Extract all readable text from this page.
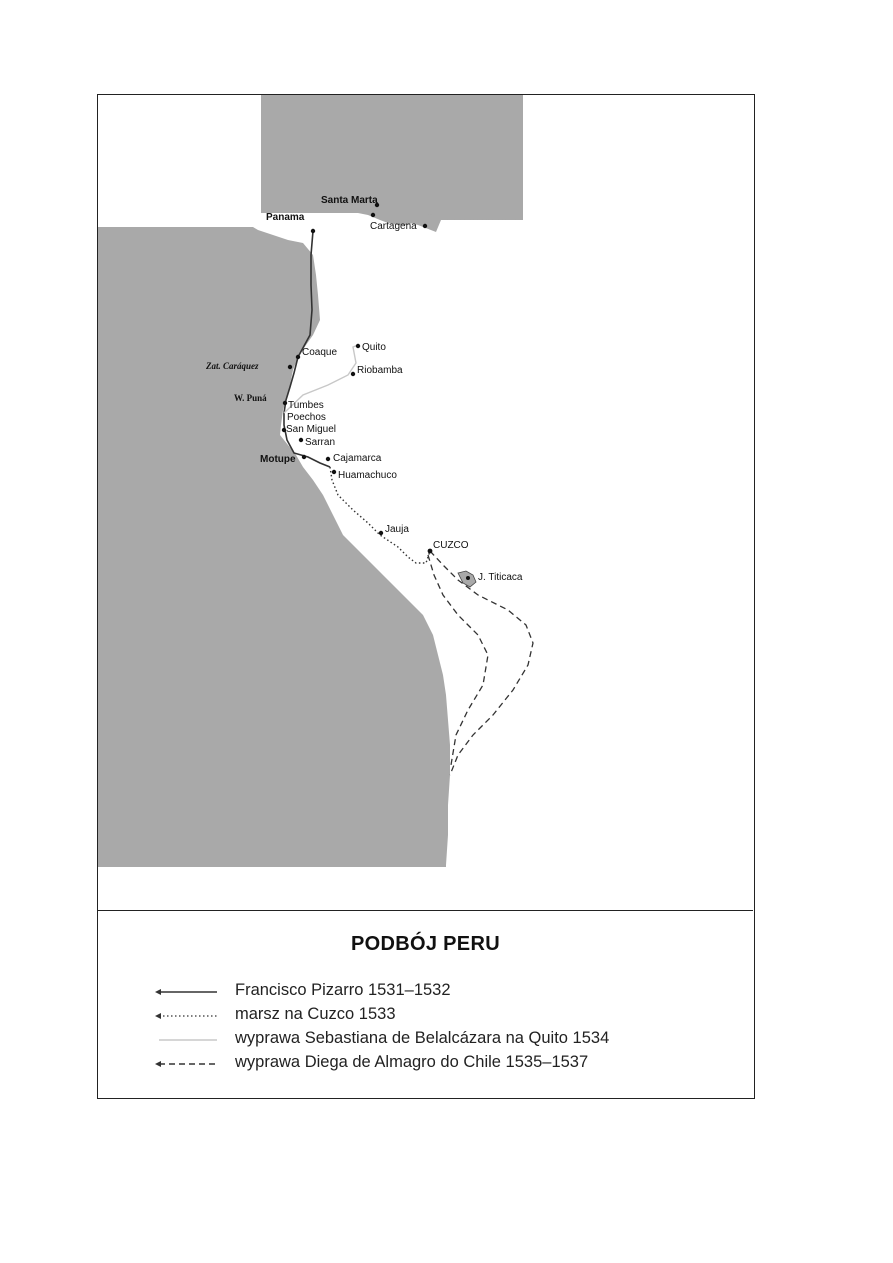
Santa Marta
Cartagena
Panama
Quito
Coaque
Zat. Caráquez	Riobamba
W. Puná
Tumbes
Poechos
San Miguel
Sarran
Motupe	Cajamarca
Huamachuco
Jauja
CUZCO
J. Titicaca
PODBÓJ PERU
Francisco Pizarro 1531–1532
marsz na Cuzco 1533
wyprawa Sebastiana de Belalcázara na Quito 1534
wyprawa Diega de Almagro do Chile 1535–1537
